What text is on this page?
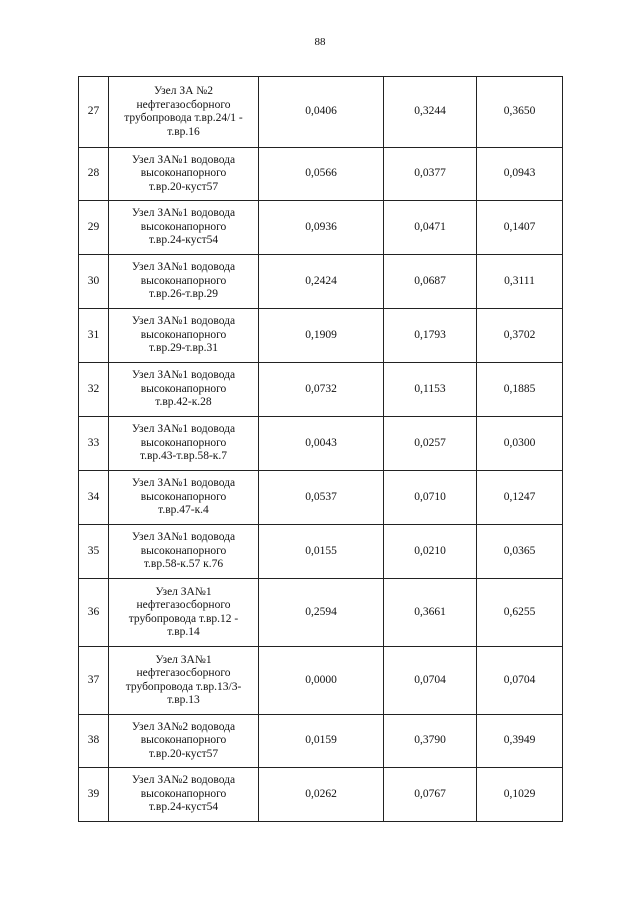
88
27	Узел ЗА №2
нефтегазосборного
трубопровода т.вр.24/1 -
т.вр.16	0,0406	0,3244	0,3650
28	Узел ЗА№1 водовода
высоконапорного
т.вр.20-куст57	0,0566	0,0377	0,0943
29	Узел ЗА№1 водовода
высоконапорного
т.вр.24-куст54	0,0936	0,0471	0,1407
30	Узел ЗА№1 водовода
высоконапорного
т.вр.26-т.вр.29	0,2424	0,0687	0,3111
31	Узел ЗА№1 водовода
высоконапорного
т.вр.29-т.вр.31	0,1909	0,1793	0,3702
32	Узел ЗА№1 водовода
высоконапорного
т.вр.42-к.28	0,0732	0,1153	0,1885
33	Узел ЗА№1 водовода
высоконапорного
т.вр.43-т.вр.58-к.7	0,0043	0,0257	0,0300
34	Узел ЗА№1 водовода
высоконапорного
т.вр.47-к.4	0,0537	0,0710	0,1247
35	Узел ЗА№1 водовода
высоконапорного
т.вр.58-к.57 к.76	0,0155	0,0210	0,0365
36	Узел ЗА№1
нефтегазосборного
трубопровода т.вр.12 -
т.вр.14	0,2594	0,3661	0,6255
37	Узел ЗА№1
нефтегазосборного
трубопровода т.вр.13/3-
т.вр.13	0,0000	0,0704	0,0704
38	Узел ЗА№2 водовода
высоконапорного
т.вр.20-куст57	0,0159	0,3790	0,3949
39	Узел ЗА№2 водовода
высоконапорного
т.вр.24-куст54	0,0262	0,0767	0,1029
